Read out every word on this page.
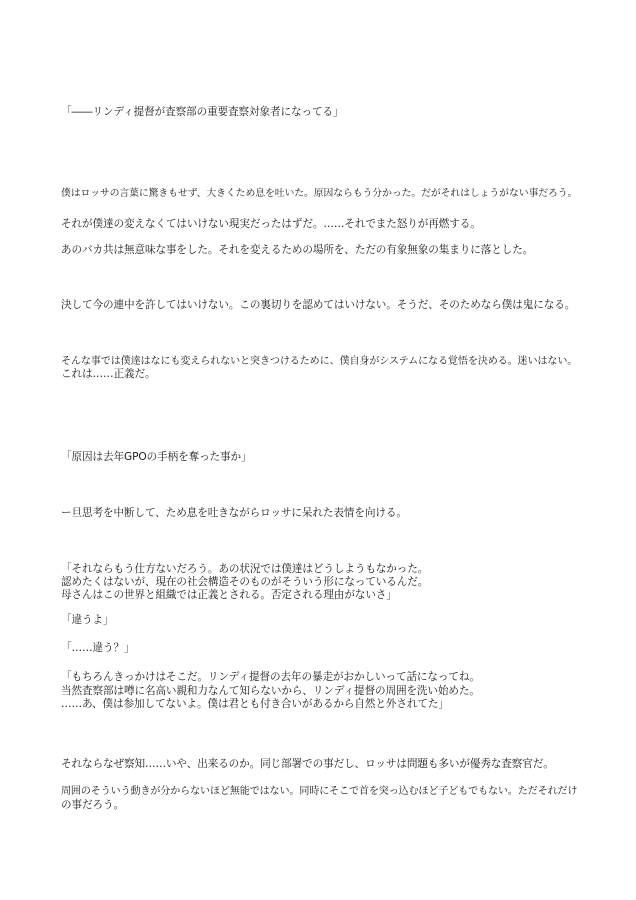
「――リンディ提督が査察部の重要査察対象者になってる」
僕はロッサの言葉に驚きもせず、大きくため息を吐いた。原因ならもう分かった。だがそれはしょうがない事だろう。
それが僕達の変えなくてはいけない現実だったはずだ。……それでまた怒りが再燃する。
あのバカ共は無意味な事をした。それを変えるための場所を、ただの有象無象の集まりに落とした。
決して今の連中を許してはいけない。この裏切りを認めてはいけない。そうだ、そのためなら僕は鬼になる。
そんな事では僕達はなにも変えられないと突きつけるために、僕自身がシステムになる覚悟を決める。迷いはない。
これは……正義だ。
「原因は去年GPOの手柄を奪った事か」
ー旦思考を中断して、ため息を吐きながらロッサに呆れた表情を向ける。
「それならもう仕方ないだろう。あの状況では僕達はどうしようもなかった。
認めたくはないが、現在の社会構造そのものがそういう形になっているんだ。
母さんはこの世界と組織では正義とされる。否定される理由がないさ」
「違うよ」
「……違う？」
「もちろんきっかけはそこだ。リンディ提督の去年の暴走がおかしいって話になってね。
当然査察部は噂に名高い親和力なんて知らないから、リンディ提督の周囲を洗い始めた。
……あ、僕は参加してないよ。僕は君とも付き合いがあるから自然と外されてた」
それならなぜ察知……いや、出来るのか。同じ部署での事だし、ロッサは問題も多いが優秀な査察官だ。
周囲のそういう動きが分からないほど無能ではない。同時にそこで首を突っ込むほど子どもでもない。ただそれだけ
の事だろう。
